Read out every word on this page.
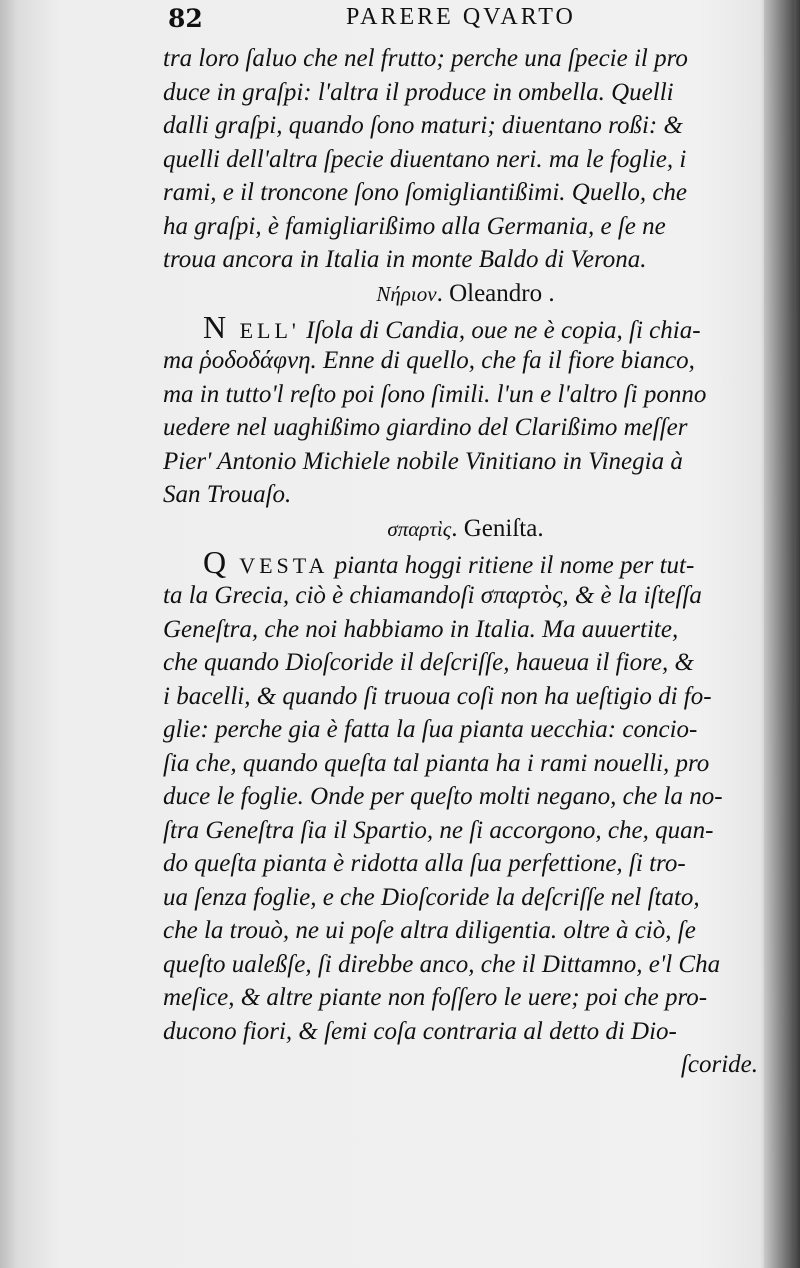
82	PARERE QVARTO
tra loro ſaluo che nel frutto; perche una ſpecie il pro
duce in graſpi: l'altra il produce in ombella. Quelli
dalli graſpi, quando ſono maturi; diuentano roßi: &
quelli dell'altra ſpecie diuentano neri. ma le foglie, i
rami, e il troncone ſono ſomigliantißimi. Quello, che
ha graſpi, è famigliarißimo alla Germania, e ſe ne
troua ancora in Italia in monte Baldo di Verona.
Νήριον. Oleandro .
N ELL' Iſola di Candia, oue ne è copia, ſi chia-
ma ῥοδοδάφνη. Enne di quello, che fa il fiore bianco,
ma in tutto'l reſto poi ſono ſimili. l'un e l'altro ſi ponno
uedere nel uaghißimo giardino del Clarißimo meſſer
Pier' Antonio Michiele nobile Vinitiano in Vinegia à
San Trouaſo.
σπαρτὶς. Geniſta.
Q VESTA pianta hoggi ritiene il nome per tut-
ta la Grecia, ciò è chiamandoſi σπαρτὸς, & è la iſteſſa
Geneſtra, che noi habbiamo in Italia. Ma auuertite,
che quando Dioſcoride il deſcriſſe, haueua il fiore, &
i bacelli, & quando ſi truoua coſi non ha ueſtigio di fo-
glie: perche gia è fatta la ſua pianta uecchia: concio-
ſia che, quando queſta tal pianta ha i rami nouelli, pro
duce le foglie. Onde per queſto molti negano, che la no-
ſtra Geneſtra ſia il Spartio, ne ſi accorgono, che, quan-
do queſta pianta è ridotta alla ſua perfettione, ſi tro-
ua ſenza foglie, e che Dioſcoride la deſcriſſe nel ſtato,
che la trouò, ne ui poſe altra diligentia. oltre à ciò, ſe
queſto ualeßſe, ſi direbbe anco, che il Dittamno, e'l Cha
meſice, & altre piante non foſſero le uere; poi che pro-
ducono fiori, & ſemi coſa contraria al detto di Dio-
ſcoride.
